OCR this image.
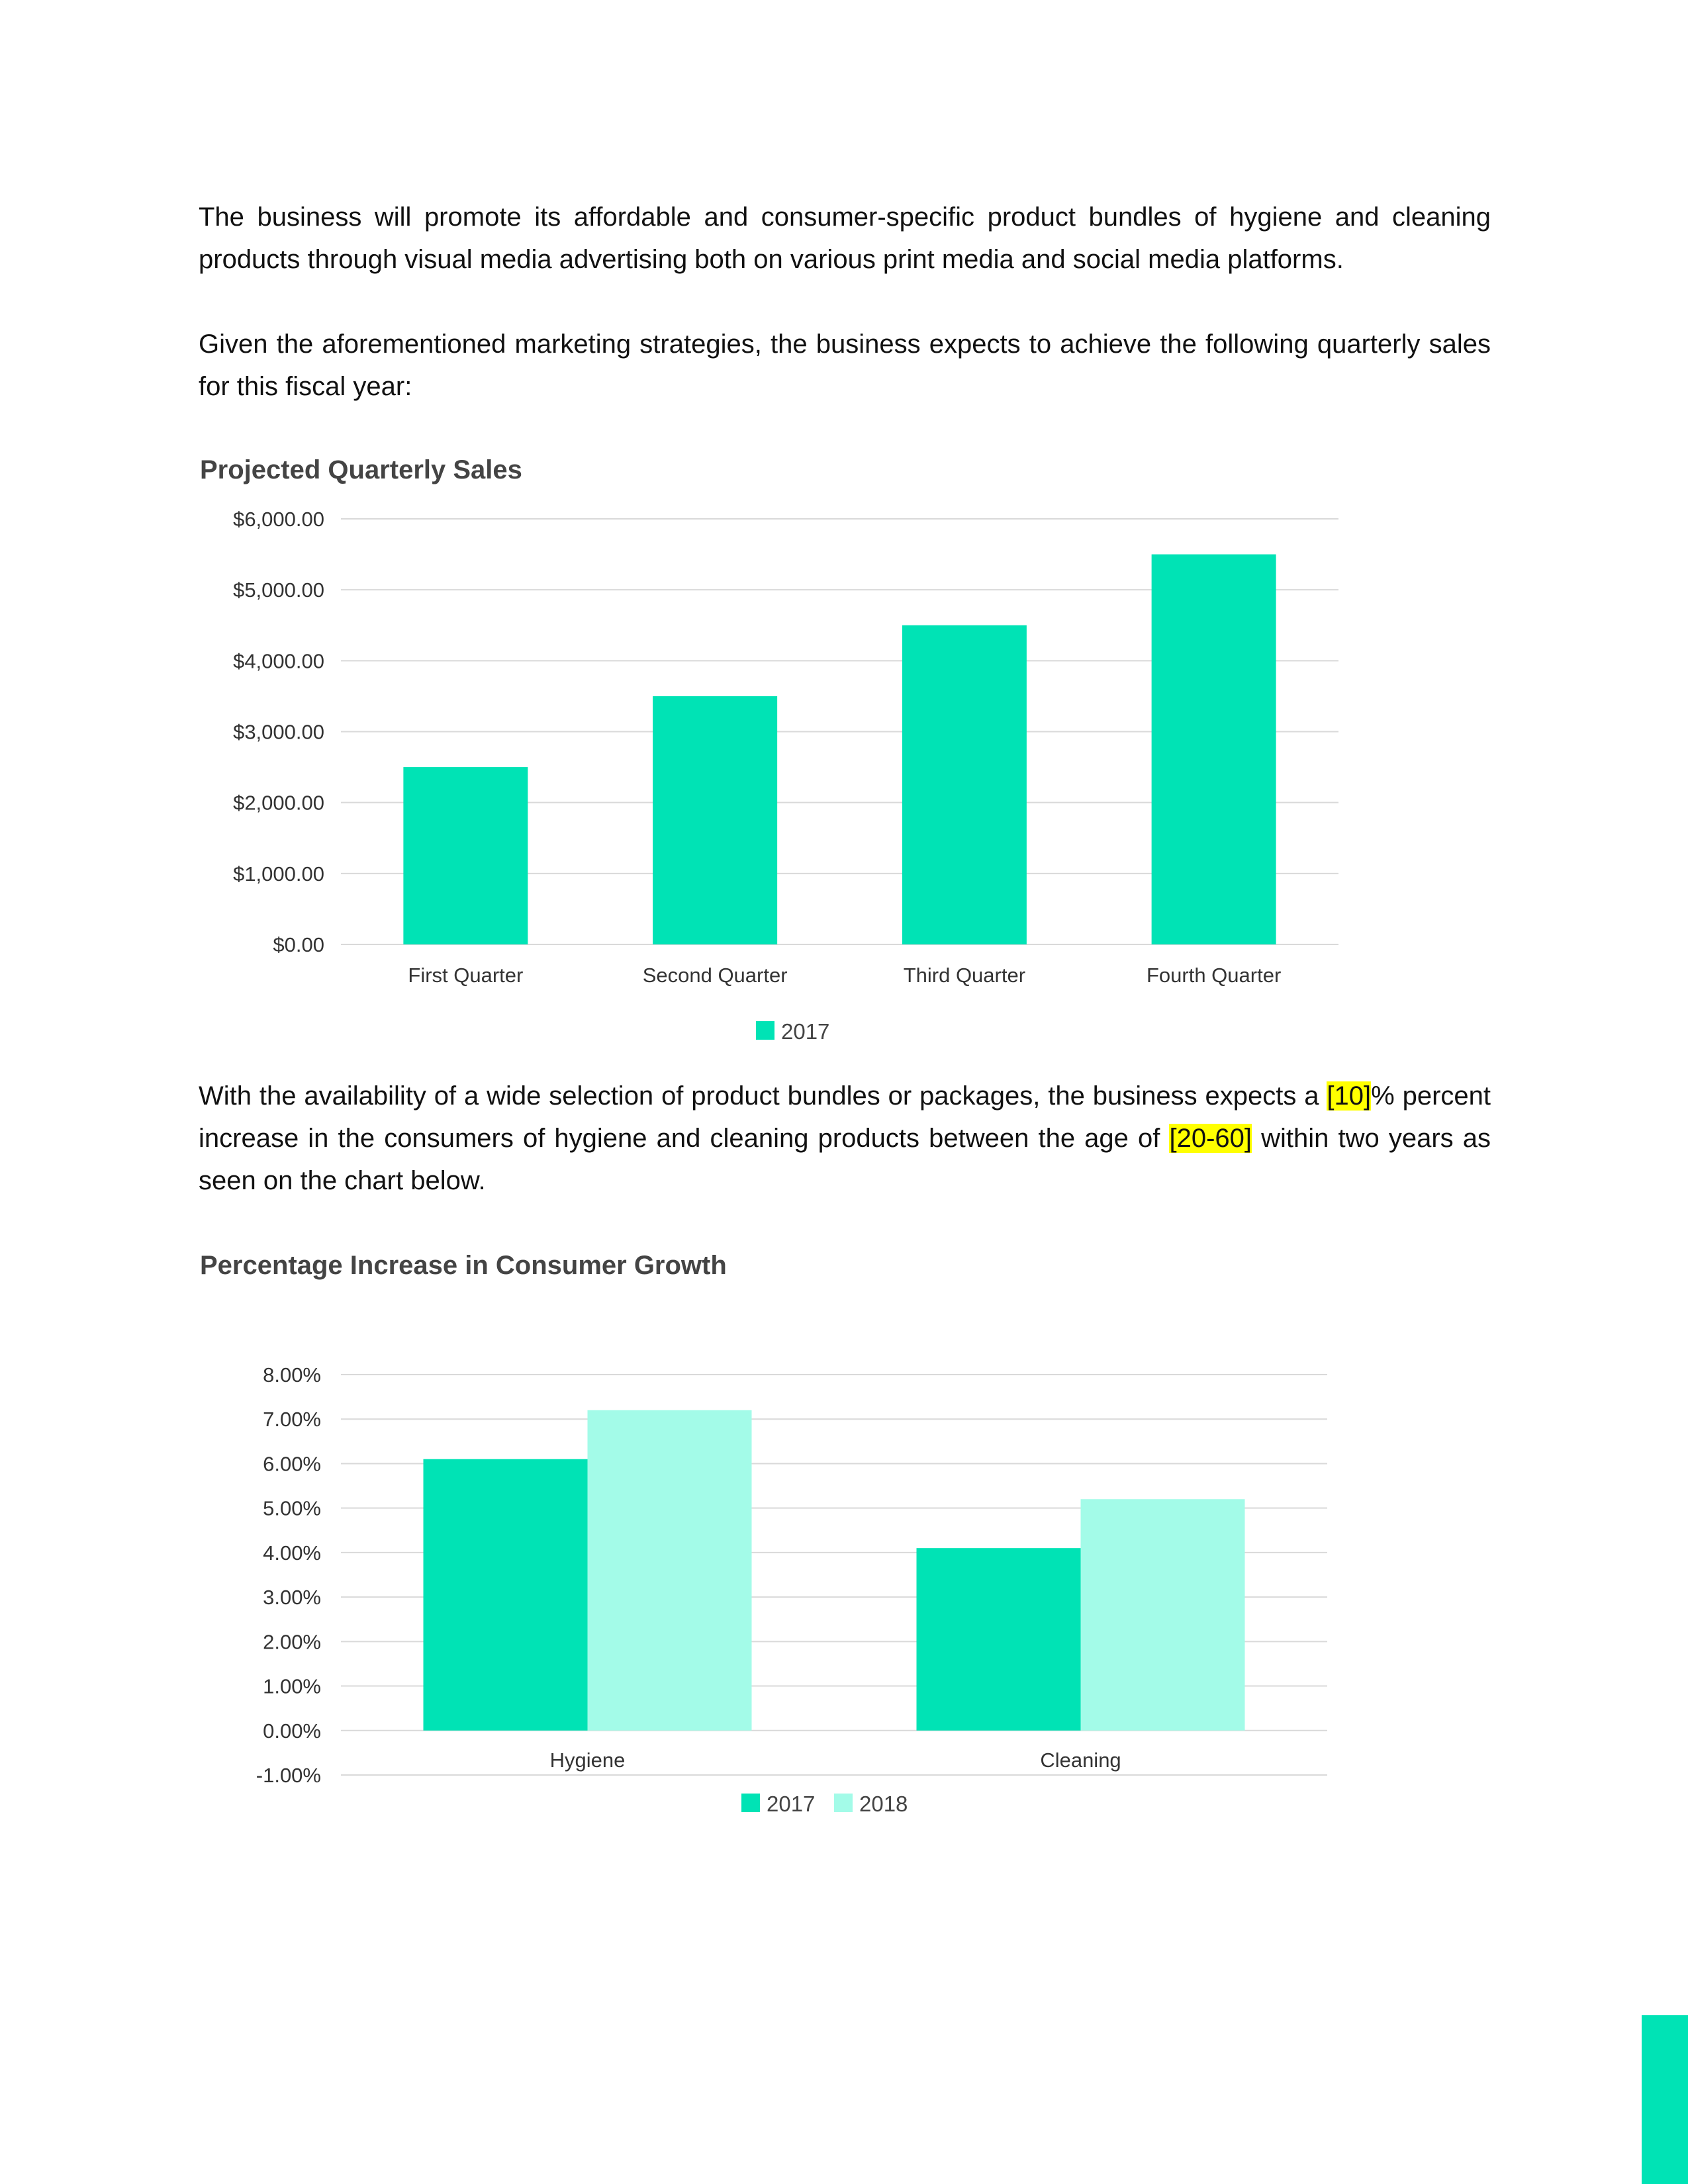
The business will promote its affordable and consumer-specific product bundles of hygiene and cleaning products through visual media advertising both on various print media and social media platforms.

Given the aforementioned marketing strategies, the business expects to achieve the following quarterly sales for this fiscal year:

Projected Quarterly Sales
$0.00
$1,000.00
$2,000.00
$3,000.00
$4,000.00
$5,000.00
$6,000.00
First Quarter	Second Quarter	Third Quarter	Fourth Quarter
2017

With the availability of a wide selection of product bundles or packages, the business expects a [10]% percent increase in the consumers of hygiene and cleaning products between the age of [20-60] within two years as seen on the chart below.

Percentage Increase in Consumer Growth
-1.00%
0.00%
1.00%
2.00%
3.00%
4.00%
5.00%
6.00%
7.00%
8.00%
Hygiene	Cleaning
2017 2018
